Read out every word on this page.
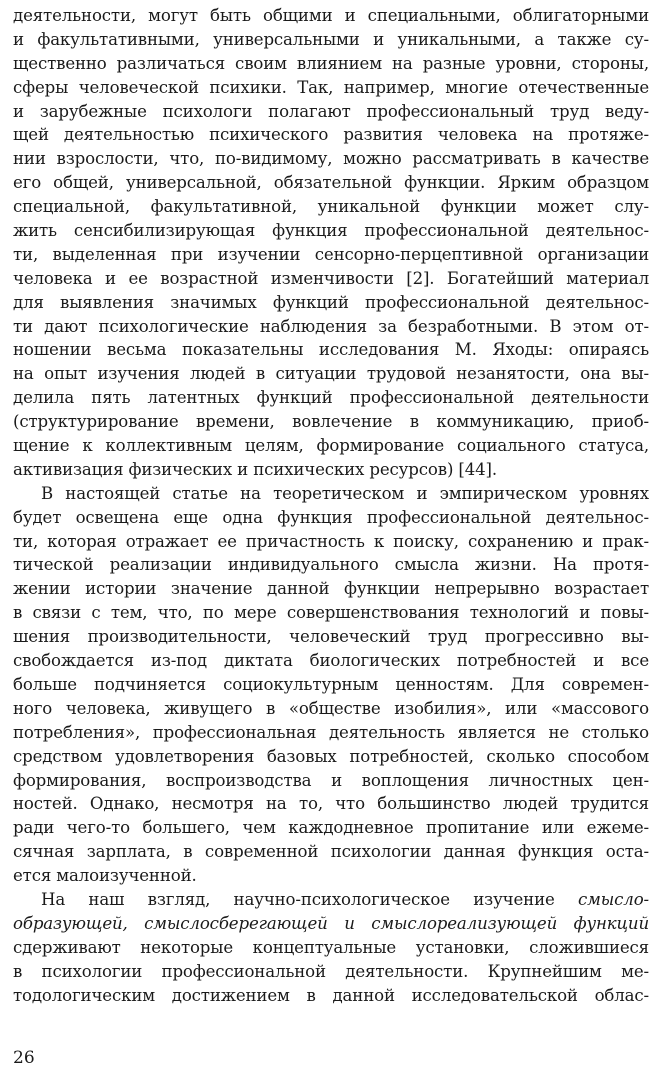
деятельности, могут быть общими и специальными, облигаторными
и факультативными, универсальными и уникальными, а также су-
щественно различаться своим влиянием на разные уровни, стороны,
сферы человеческой психики. Так, например, многие отечественные
и зарубежные психологи полагают профессиональный труд веду-
щей деятельностью психического развития человека на протяже-
нии взрослости, что, по-видимому, можно рассматривать в качестве
его общей, универсальной, обязательной функции. Ярким образцом
специальной, факультативной, уникальной функции может слу-
жить сенсибилизирующая функция профессиональной деятельнос-
ти, выделенная при изучении сенсорно-перцептивной организации
человека и ее возрастной изменчивости [2]. Богатейший материал
для выявления значимых функций профессиональной деятельнос-
ти дают психологические наблюдения за безработными. В этом от-
ношении весьма показательны исследования М. Яходы: опираясь
на опыт изучения людей в ситуации трудовой незанятости, она вы-
делила пять латентных функций профессиональной деятельности
(структурирование времени, вовлечение в коммуникацию, приоб-
щение к коллективным целям, формирование социального статуса,
активизация физических и психических ресурсов) [44].
В настоящей статье на теоретическом и эмпирическом уровнях
будет освещена еще одна функция профессиональной деятельнос-
ти, которая отражает ее причастность к поиску, сохранению и прак-
тической реализации индивидуального смысла жизни. На протя-
жении истории значение данной функции непрерывно возрастает
в связи с тем, что, по мере совершенствования технологий и повы-
шения производительности, человеческий труд прогрессивно вы-
свобождается из-под диктата биологических потребностей и все
больше подчиняется социокультурным ценностям. Для современ-
ного человека, живущего в «обществе изобилия», или «массового
потребления», профессиональная деятельность является не столько
средством удовлетворения базовых потребностей, сколько способом
формирования, воспроизводства и воплощения личностных цен-
ностей. Однако, несмотря на то, что большинство людей трудится
ради чего-то большего, чем каждодневное пропитание или ежеме-
сячная зарплата, в современной психологии данная функция оста-
ется малоизученной.
На наш взгляд, научно-психологическое изучение смысло-
образующей, смыслосберегающей и смыслореализующей функций
сдерживают некоторые концептуальные установки, сложившиеся
в психологии профессиональной деятельности. Крупнейшим ме-
тодологическим достижением в данной исследовательской облас-
26
